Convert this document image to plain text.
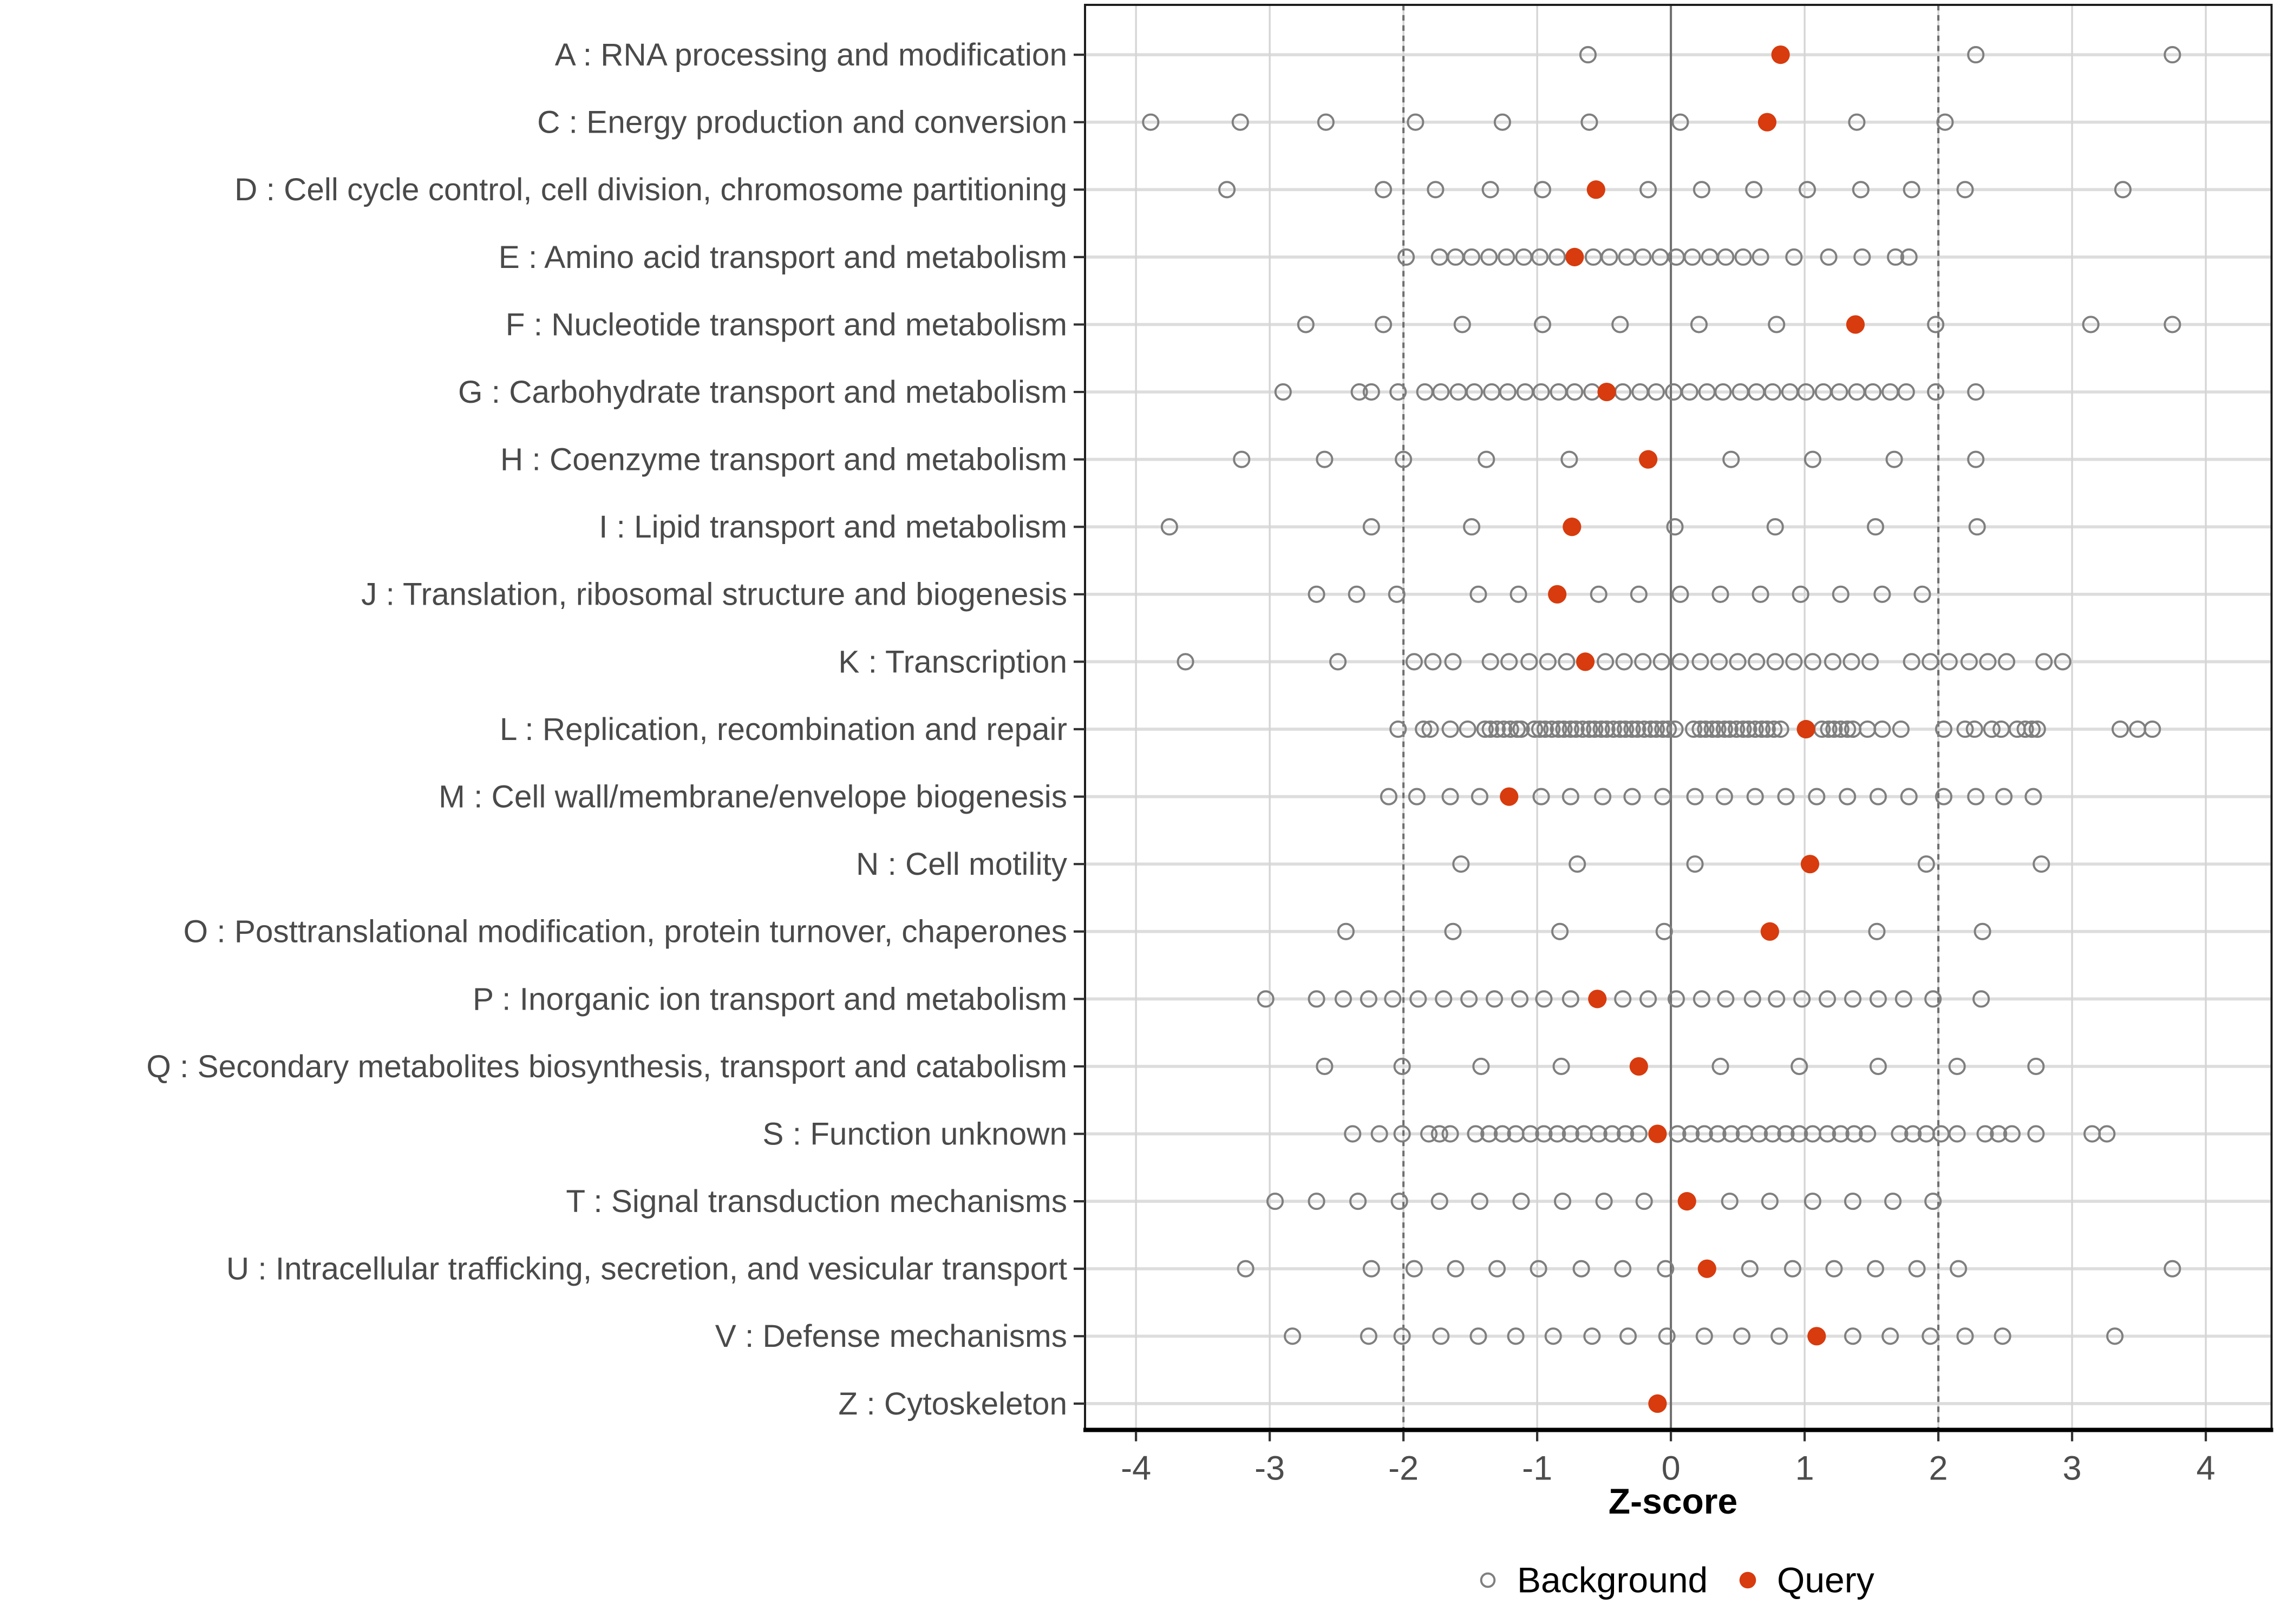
-4	-3	-2	-1	0	1	2	3	4
A : RNA processing and modification
C : Energy production and conversion
D : Cell cycle control, cell division, chromosome partitioning
E : Amino acid transport and metabolism
F : Nucleotide transport and metabolism
G : Carbohydrate transport and metabolism
H : Coenzyme transport and metabolism
I : Lipid transport and metabolism
J : Translation, ribosomal structure and biogenesis
K : Transcription
L : Replication, recombination and repair
M : Cell wall/membrane/envelope biogenesis
N : Cell motility
O : Posttranslational modification, protein turnover, chaperones
P : Inorganic ion transport and metabolism
Q : Secondary metabolites biosynthesis, transport and catabolism
S : Function unknown
T : Signal transduction mechanisms
U : Intracellular trafficking, secretion, and vesicular transport
V : Defense mechanisms
Z : Cytoskeleton
Z-score
Background	Query
